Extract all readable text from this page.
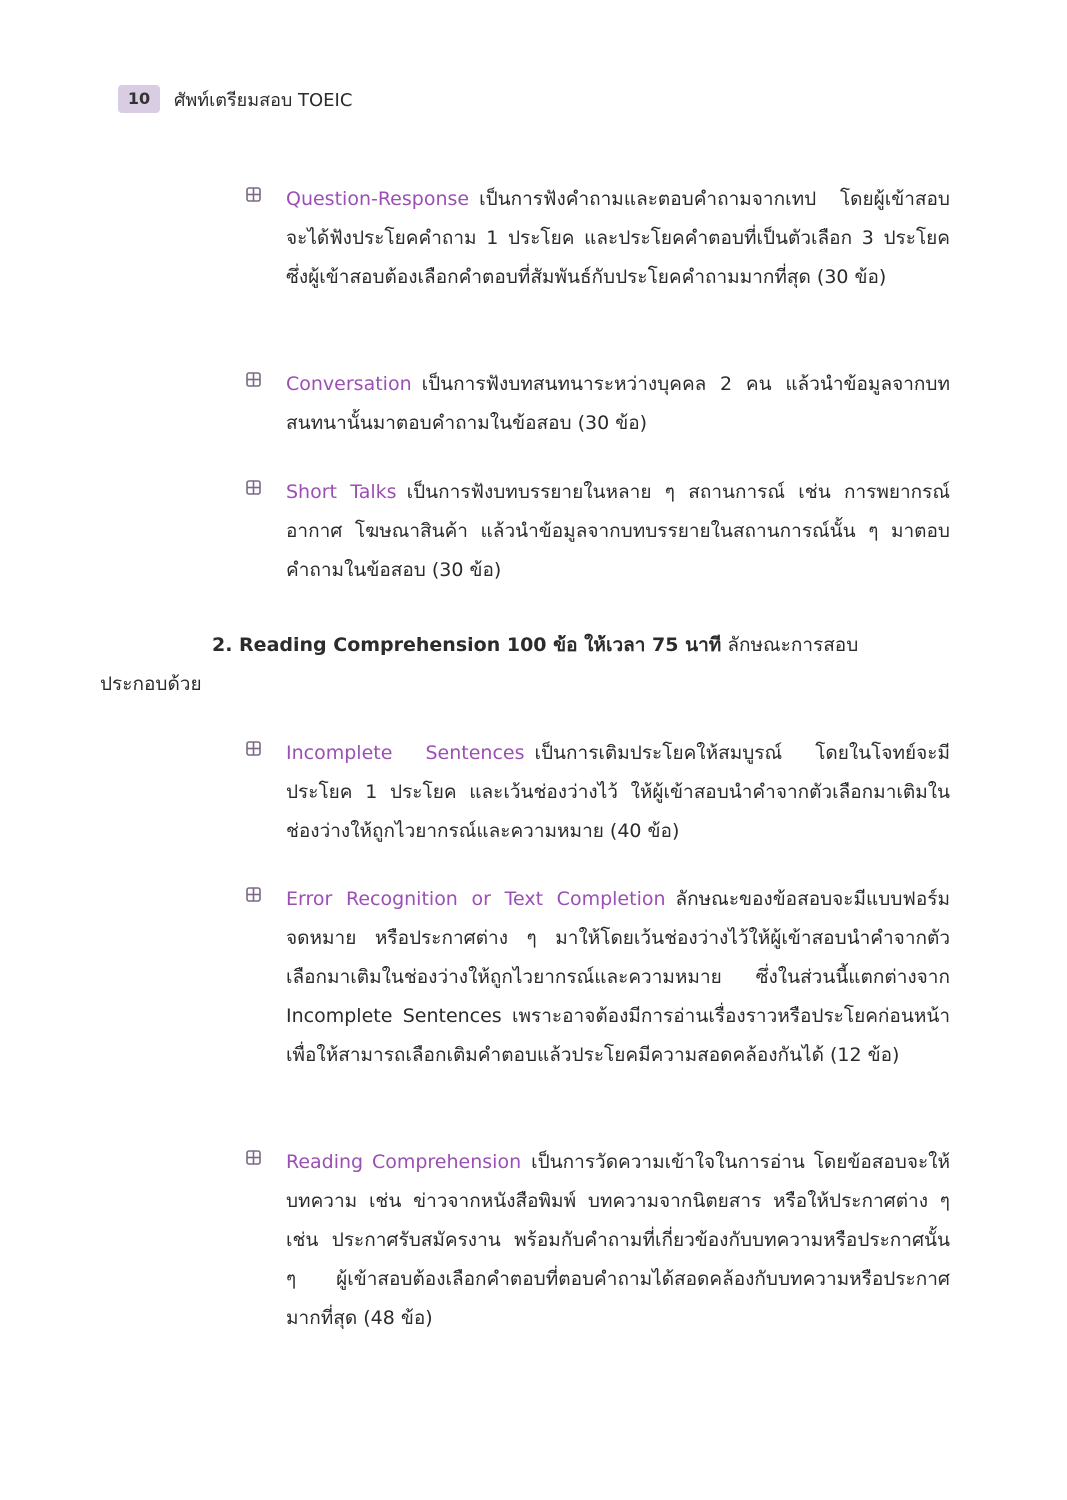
10	ศัพท์เตรียมสอบ TOEIC
Question-Response เป็นการฟังคำถามและตอบคำถามจากเทป โดยผู้เข้าสอบจะได้ฟังประโยคคำถาม 1 ประโยค และประโยคคำตอบที่เป็นตัวเลือก 3 ประโยค ซึ่งผู้เข้าสอบต้องเลือกคำตอบที่สัมพันธ์กับประโยคคำถามมากที่สุด (30 ข้อ)
Conversation เป็นการฟังบทสนทนาระหว่างบุคคล 2 คน แล้วนำข้อมูลจากบทสนทนานั้นมาตอบคำถามในข้อสอบ (30 ข้อ)
Short Talks เป็นการฟังบทบรรยายในหลาย ๆ สถานการณ์ เช่น การพยากรณ์อากาศ โฆษณาสินค้า แล้วนำข้อมูลจากบทบรรยายในสถานการณ์นั้น ๆ มาตอบคำถามในข้อสอบ (30 ข้อ)
2. Reading Comprehension 100 ข้อ ให้เวลา 75 นาที ลักษณะการสอบ
ประกอบด้วย
Incomplete Sentences เป็นการเติมประโยคให้สมบูรณ์ โดยในโจทย์จะมีประโยค 1 ประโยค และเว้นช่องว่างไว้ ให้ผู้เข้าสอบนำคำจากตัวเลือกมาเติมในช่องว่างให้ถูกไวยากรณ์และความหมาย (40 ข้อ)
Error Recognition or Text Completion ลักษณะของข้อสอบจะมีแบบฟอร์ม จดหมาย หรือประกาศต่าง ๆ มาให้โดยเว้นช่องว่างไว้ให้ผู้เข้าสอบนำคำจากตัวเลือกมาเติมในช่องว่างให้ถูกไวยากรณ์และความหมาย ซึ่งในส่วนนี้แตกต่างจาก Incomplete Sentences เพราะอาจต้องมีการอ่านเรื่องราวหรือประโยคก่อนหน้า เพื่อให้สามารถเลือกเติมคำตอบแล้วประโยคมีความสอดคล้องกันได้ (12 ข้อ)
Reading Comprehension เป็นการวัดความเข้าใจในการอ่าน โดยข้อสอบจะให้บทความ เช่น ข่าวจากหนังสือพิมพ์ บทความจากนิตยสาร หรือให้ประกาศต่าง ๆ เช่น ประกาศรับสมัครงาน พร้อมกับคำถามที่เกี่ยวข้องกับบทความหรือประกาศนั้น ๆ ผู้เข้าสอบต้องเลือกคำตอบที่ตอบคำถามได้สอดคล้องกับบทความหรือประกาศมากที่สุด (48 ข้อ)
